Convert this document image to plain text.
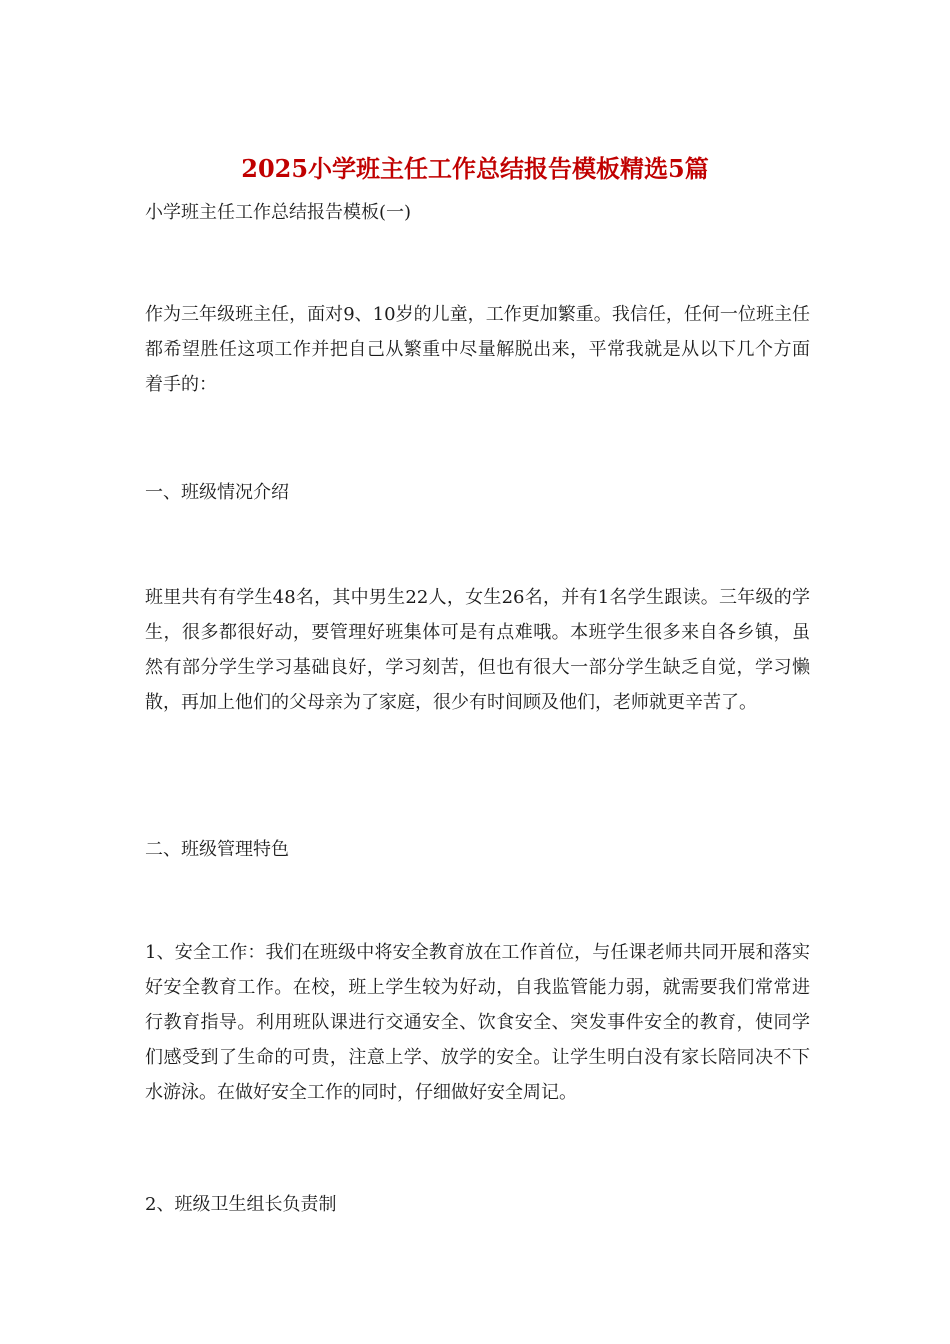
2025小学班主任工作总结报告模板精选5篇

小学班主任工作总结报告模板(一)

作为三年级班主任，面对9、10岁的儿童，工作更加繁重。我信任，任何一位班主任都希望胜任这项工作并把自己从繁重中尽量解脱出来，平常我就是从以下几个方面着手的：

一、班级情况介绍

班里共有有学生48名，其中男生22人，女生26名，并有1名学生跟读。三年级的学生，很多都很好动，要管理好班集体可是有点难哦。本班学生很多来自各乡镇，虽然有部分学生学习基础良好，学习刻苦，但也有很大一部分学生缺乏自觉，学习懒散，再加上他们的父母亲为了家庭，很少有时间顾及他们，老师就更辛苦了。

二、班级管理特色

1、安全工作：我们在班级中将安全教育放在工作首位，与任课老师共同开展和落实好安全教育工作。在校，班上学生较为好动，自我监管能力弱，就需要我们常常进行教育指导。利用班队课进行交通安全、饮食安全、突发事件安全的教育，使同学们感受到了生命的可贵，注意上学、放学的安全。让学生明白没有家长陪同决不下水游泳。在做好安全工作的同时，仔细做好安全周记。

2、班级卫生组长负责制
